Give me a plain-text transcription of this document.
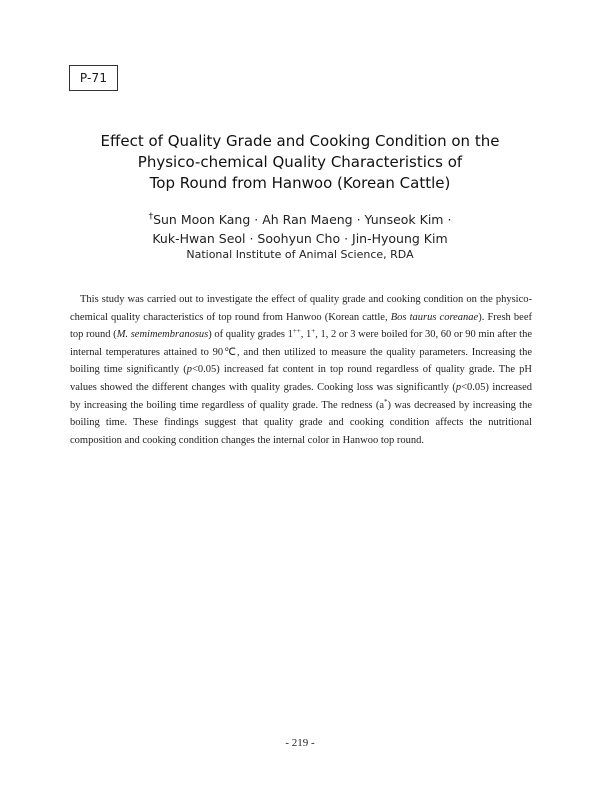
P-71
Effect of Quality Grade and Cooking Condition on the
Physico-chemical Quality Characteristics of
Top Round from Hanwoo (Korean Cattle)
†Sun Moon Kang · Ah Ran Maeng · Yunseok Kim ·
Kuk-Hwan Seol · Soohyun Cho · Jin-Hyoung Kim
National Institute of Animal Science, RDA

This study was carried out to investigate the effect of quality grade and cooking condition on the physico-chemical quality characteristics of top round from Hanwoo (Korean cattle, Bos taurus coreanae). Fresh beef top round (M. semimembranosus) of quality grades 1++, 1+, 1, 2 or 3 were boiled for 30, 60 or 90 min after the internal temperatures attained to 90℃, and then utilized to measure the quality parameters. Increasing the boiling time significantly (p<0.05) increased fat content in top round regardless of quality grade. The pH values showed the different changes with quality grades. Cooking loss was significantly (p<0.05) increased by increasing the boiling time regardless of quality grade. The redness (a*) was decreased by increasing the boiling time. These findings suggest that quality grade and cooking condition affects the nutritional composition and cooking condition changes the internal color in Hanwoo top round.

- 219 -
